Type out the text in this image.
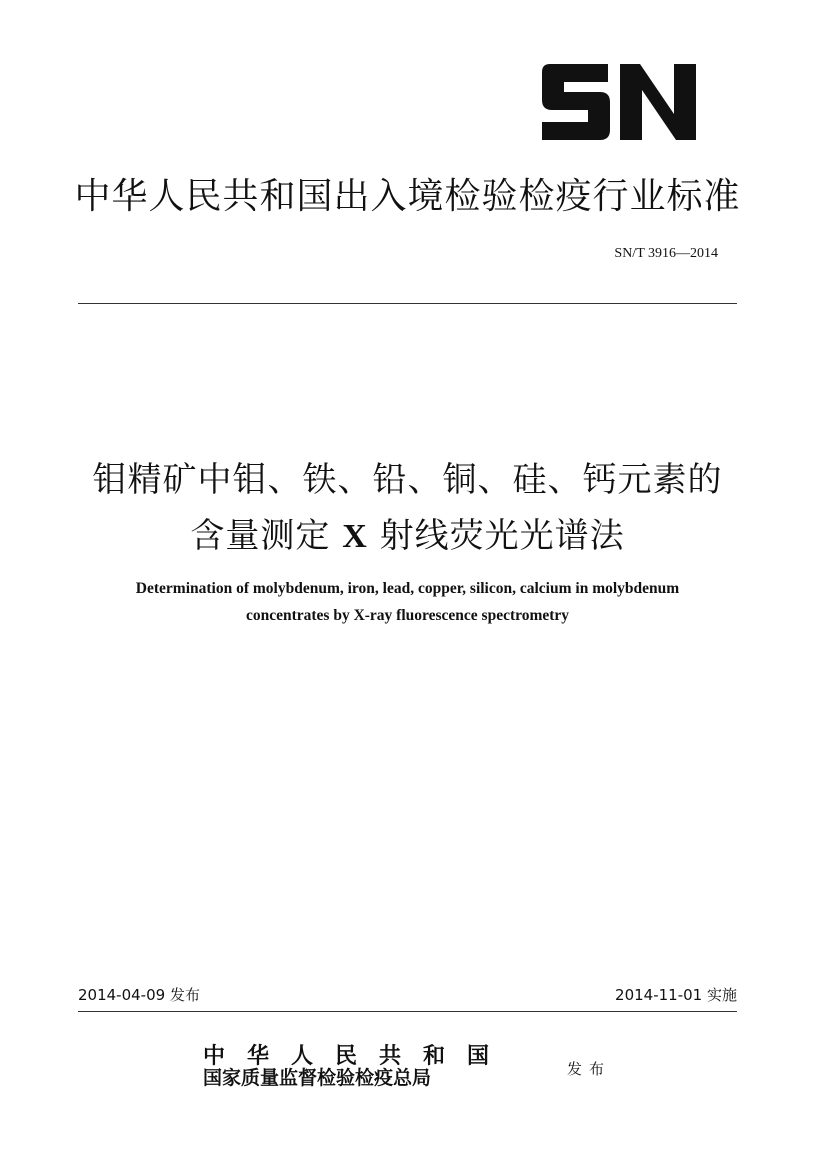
中华人民共和国出入境检验检疫行业标准
SN/T 3916—2014
钼精矿中钼、铁、铅、铜、硅、钙元素的
含量测定 X 射线荧光光谱法
Determination of molybdenum, iron, lead, copper, silicon, calcium in molybdenum
concentrates by X-ray fluorescence spectrometry
2014-04-09 发布	2014-11-01 实施
中华人民共和国
国家质量监督检验检疫总局	发布
